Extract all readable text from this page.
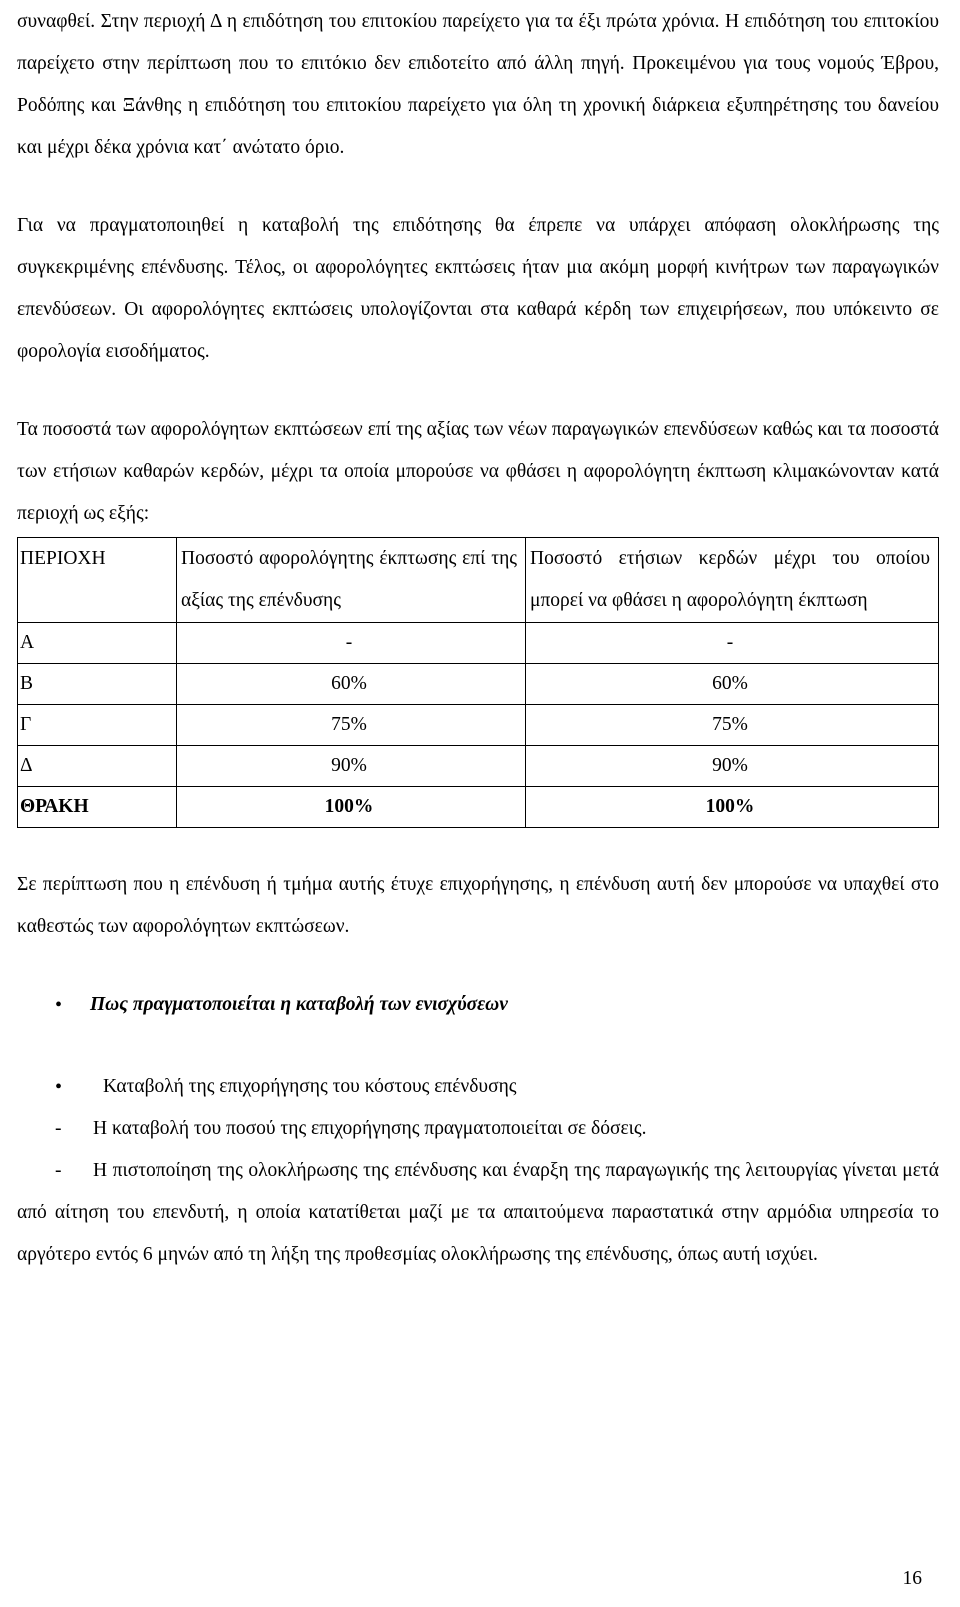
συναφθεί. Στην περιοχή Δ η επιδότηση του επιτοκίου παρείχετο για τα έξι πρώτα χρόνια. Η επιδότηση του επιτοκίου παρείχετο στην περίπτωση που το επιτόκιο δεν επιδοτείτο από άλλη πηγή. Προκειμένου για τους νομούς Έβρου, Ροδόπης και Ξάνθης η επιδότηση του επιτοκίου παρείχετο για όλη τη χρονική διάρκεια εξυπηρέτησης του δανείου και μέχρι δέκα χρόνια κατ΄ ανώτατο όριο.

Για να πραγματοποιηθεί η καταβολή της επιδότησης θα έπρεπε να υπάρχει απόφαση ολοκλήρωσης της συγκεκριμένης επένδυσης. Τέλος, οι αφορολόγητες εκπτώσεις ήταν μια ακόμη μορφή κινήτρων των παραγωγικών επενδύσεων. Οι αφορολόγητες εκπτώσεις υπολογίζονται στα καθαρά κέρδη των επιχειρήσεων, που υπόκειντο σε φορολογία εισοδήματος.

Τα ποσοστά των αφορολόγητων εκπτώσεων επί της αξίας των νέων παραγωγικών επενδύσεων καθώς και τα ποσοστά των ετήσιων καθαρών κερδών, μέχρι τα οποία μπορούσε να φθάσει η αφορολόγητη έκπτωση κλιμακώνονταν κατά περιοχή ως εξής:

ΠΕΡΙΟΧΗ	Ποσοστό αφορολόγητης έκπτωσης επί της αξίας της επένδυσης	Ποσοστό ετήσιων κερδών μέχρι του οποίου μπορεί να φθάσει η αφορολόγητη έκπτωση
Α	-	-
Β	60%	60%
Γ	75%	75%
Δ	90%	90%
ΘΡΑΚΗ	100%	100%

Σε περίπτωση που η επένδυση ή τμήμα αυτής έτυχε επιχορήγησης, η επένδυση αυτή δεν μπορούσε να υπαχθεί στο καθεστώς των αφορολόγητων εκπτώσεων.

• Πως πραγματοποιείται η καταβολή των ενισχύσεων

• Καταβολή της επιχορήγησης του κόστους επένδυσης

-	Η καταβολή του ποσού της επιχορήγησης πραγματοποιείται σε δόσεις.

-	Η πιστοποίηση της ολοκλήρωσης της επένδυσης και έναρξη της παραγωγικής της λειτουργίας γίνεται μετά από αίτηση του επενδυτή, η οποία κατατίθεται μαζί με τα απαιτούμενα παραστατικά στην αρμόδια υπηρεσία το αργότερο εντός 6 μηνών από τη λήξη της προθεσμίας ολοκλήρωσης της επένδυσης, όπως αυτή ισχύει.

16
